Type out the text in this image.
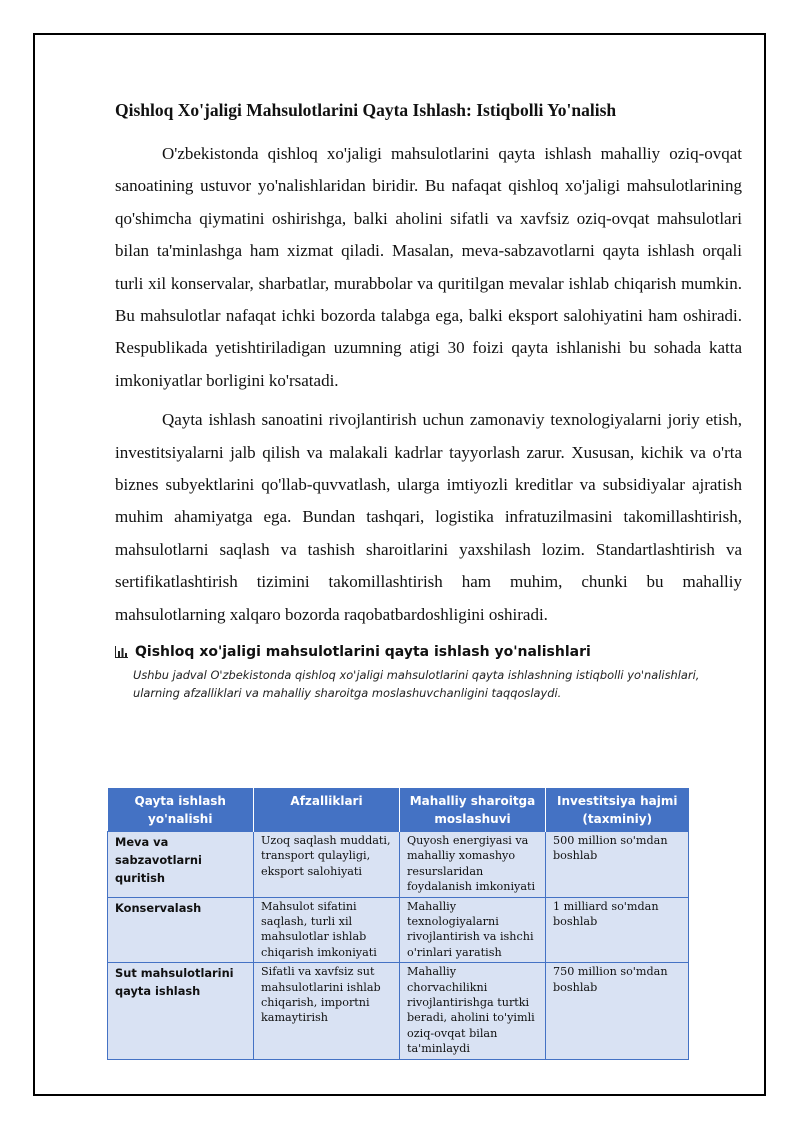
Qishloq Xo'jaligi Mahsulotlarini Qayta Ishlash: Istiqbolli Yo'nalish

O'zbekistonda qishloq xo'jaligi mahsulotlarini qayta ishlash mahalliy oziq-ovqat sanoatining ustuvor yo'nalishlaridan biridir. Bu nafaqat qishloq xo'jaligi mahsulotlarining qo'shimcha qiymatini oshirishga, balki aholini sifatli va xavfsiz oziq-ovqat mahsulotlari bilan ta'minlashga ham xizmat qiladi. Masalan, meva-sabzavotlarni qayta ishlash orqali turli xil konservalar, sharbatlar, murabbolar va quritilgan mevalar ishlab chiqarish mumkin. Bu mahsulotlar nafaqat ichki bozorda talabga ega, balki eksport salohiyatini ham oshiradi. Respublikada yetishtiriladigan uzumning atigi 30 foizi qayta ishlanishi bu sohada katta imkoniyatlar borligini ko'rsatadi.

Qayta ishlash sanoatini rivojlantirish uchun zamonaviy texnologiyalarni joriy etish, investitsiyalarni jalb qilish va malakali kadrlar tayyorlash zarur. Xususan, kichik va o'rta biznes subyektlarini qo'llab-quvvatlash, ularga imtiyozli kreditlar va subsidiyalar ajratish muhim ahamiyatga ega. Bundan tashqari, logistika infratuzilmasini takomillashtirish, mahsulotlarni saqlash va tashish sharoitlarini yaxshilash lozim. Standartlashtirish va sertifikatlashtirish tizimini takomillashtirish ham muhim, chunki bu mahalliy mahsulotlarning xalqaro bozorda raqobatbardoshligini oshiradi.

Qishloq xo'jaligi mahsulotlarini qayta ishlash yo'nalishlari
Ushbu jadval O'zbekistonda qishloq xo'jaligi mahsulotlarini qayta ishlashning istiqbolli yo'nalishlari, ularning afzalliklari va mahalliy sharoitga moslashuvchanligini taqqoslaydi.
Qayta ishlash yo'nalishi	Afzalliklari	Mahalliy sharoitga moslashuvi	Investitsiya hajmi (taxminiy)
Meva va sabzavotlarni quritish	Uzoq saqlash muddati, transport qulayligi, eksport salohiyati	Quyosh energiyasi va mahalliy xomashyo resurslaridan foydalanish imkoniyati	500 million so'mdan boshlab
Konservalash	Mahsulot sifatini saqlash, turli xil mahsulotlar ishlab chiqarish imkoniyati	Mahalliy texnologiyalarni rivojlantirish va ishchi o'rinlari yaratish	1 milliard so'mdan boshlab
Sut mahsulotlarini qayta ishlash	Sifatli va xavfsiz sut mahsulotlarini ishlab chiqarish, importni kamaytirish	Mahalliy chorvachilikni rivojlantirishga turtki beradi, aholini to'yimli oziq-ovqat bilan ta'minlaydi	750 million so'mdan boshlab
